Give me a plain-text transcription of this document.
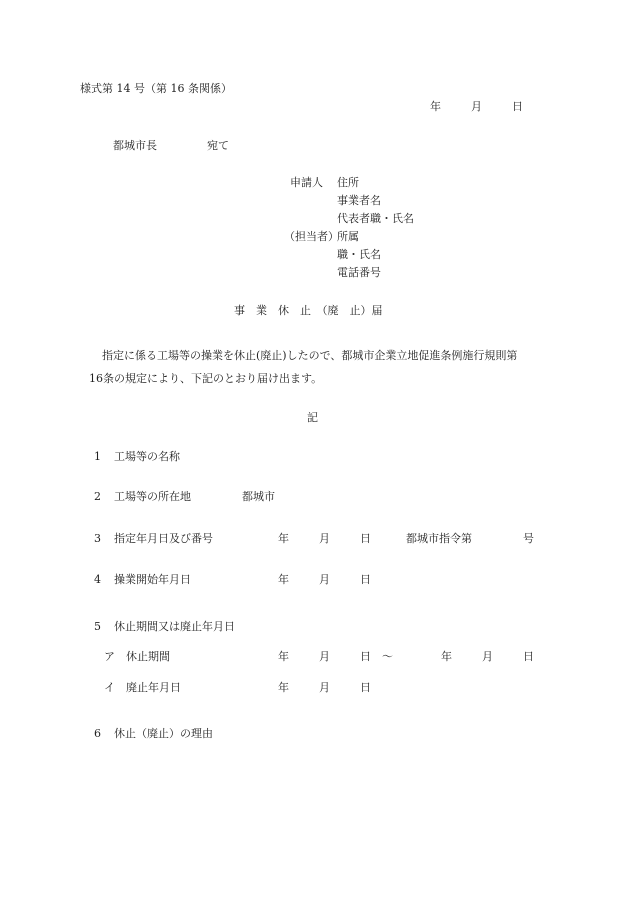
様式第 14 号（第 16 条関係）
年	月	日
都城市長	宛て
申請人 住所
事業者名
代表者職・氏名
（担当者）
所属
職・氏名
電話番号
事　業　休　止　（廃　止）届
指定に係る工場等の操業を休止(廃止)したので、都城市企業立地促進条例施行規則第
16条の規定により、下記のとおり届け出ます。
記
1 工場等の名称
2 工場等の所在地	都城市
3 指定年月日及び番号	年	月	日	都城市指令第	号
4 操業開始年月日	年	月	日
5 休止期間又は廃止年月日
ア 休止期間	年	月	日 ～	年	月	日
イ 廃止年月日	年	月	日
6 休止（廃止）の理由
